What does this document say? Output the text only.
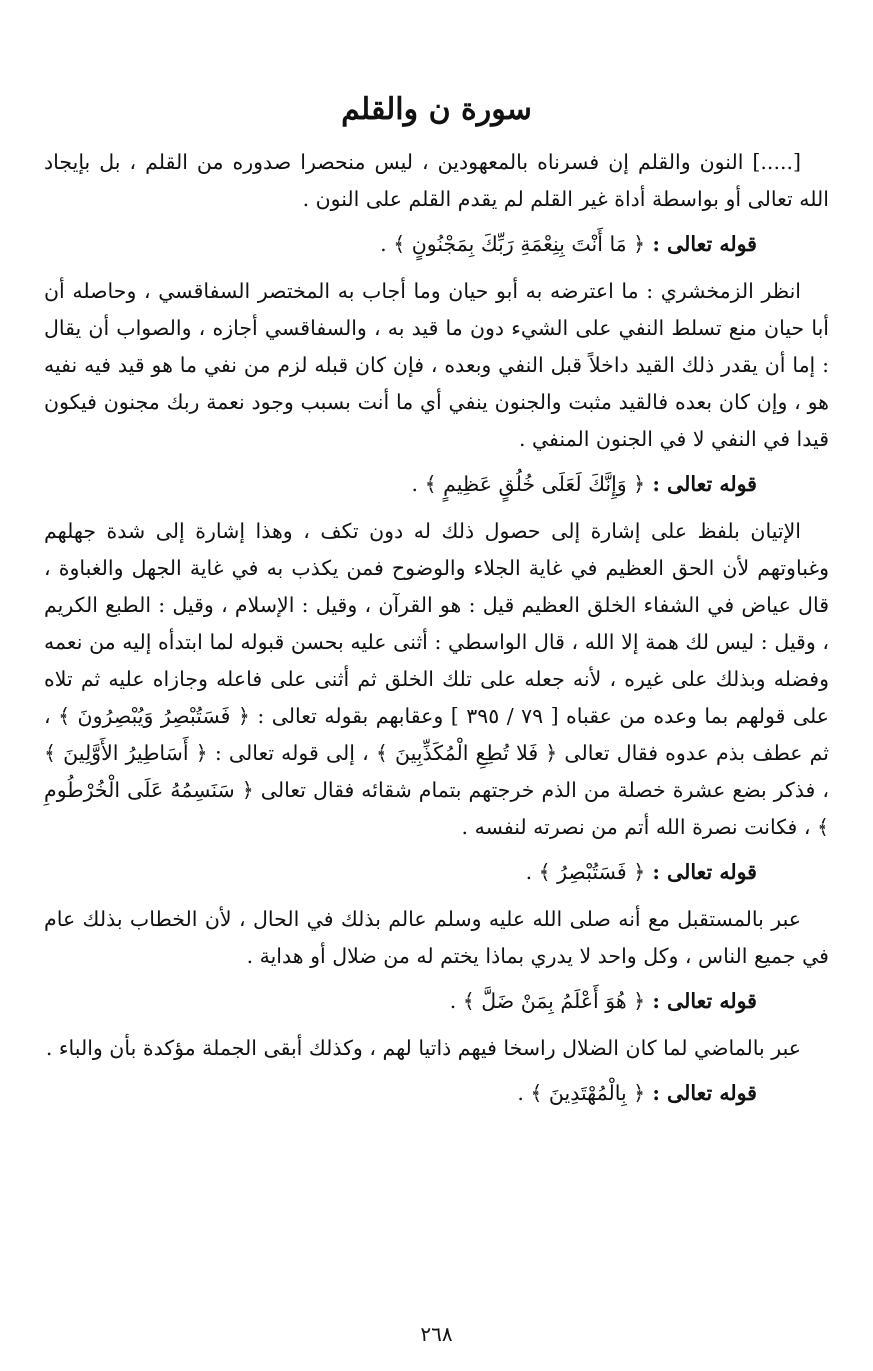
سورة ن والقلم
[.....] النون والقلم إن فسرناه بالمعهودين ، ليس منحصرا صدوره من القلم ، بل بإيجاد الله تعالى أو بواسطة أداة غير القلم لم يقدم القلم على النون .
قوله تعالى : ﴿ مَا أَنْتَ بِنِعْمَةِ رَبِّكَ بِمَجْنُونٍ ﴾ .
انظر الزمخشري : ما اعترضه به أبو حيان وما أجاب به المختصر السفاقسي ، وحاصله أن أبا حيان منع تسلط النفي على الشيء دون ما قيد به ، والسفاقسي أجازه ، والصواب أن يقال : إما أن يقدر ذلك القيد داخلاً قبل النفي وبعده ، فإن كان قبله لزم من نفي ما هو قيد فيه نفيه هو ، وإن كان بعده فالقيد مثبت والجنون ينفي أي ما أنت بسبب وجود نعمة ربك مجنون فيكون قيدا في النفي لا في الجنون المنفي .
قوله تعالى : ﴿ وَإِنَّكَ لَعَلَى خُلُقٍ عَظِيمٍ ﴾ .
الإتيان بلفظ على إشارة إلى حصول ذلك له دون تكف ، وهذا إشارة إلى شدة جهلهم وغباوتهم لأن الحق العظيم في غاية الجلاء والوضوح فمن يكذب به في غاية الجهل والغباوة ، قال عياض في الشفاء الخلق العظيم قيل : هو القرآن ، وقيل : الإسلام ، وقيل : الطبع الكريم ، وقيل : ليس لك همة إلا الله ، قال الواسطي : أثنى عليه بحسن قبوله لما ابتدأه إليه من نعمه وفضله وبذلك على غيره ، لأنه جعله على تلك الخلق ثم أثنى على فاعله وجازاه عليه ثم تلاه على قولهم بما وعده من عقباه [ ٧٩ / ٣٩٥ ] وعقابهم بقوله تعالى : ﴿ فَسَتُبْصِرُ وَيُبْصِرُونَ ﴾ ، ثم عطف بذم عدوه فقال تعالى ﴿ فَلا تُطِعِ الْمُكَذِّبِينَ ﴾ ، إلى قوله تعالى : ﴿ أَسَاطِيرُ الأَوَّلِينَ ﴾ ، فذكر بضع عشرة خصلة من الذم خرجتهم بتمام شقائه فقال تعالى ﴿ سَنَسِمُهُ عَلَى الْخُرْطُومِ ﴾ ، فكانت نصرة الله أتم من نصرته لنفسه .
قوله تعالى : ﴿ فَسَتُبْصِرُ ﴾ .
عبر بالمستقبل مع أنه صلى الله عليه وسلم عالم بذلك في الحال ، لأن الخطاب بذلك عام في جميع الناس ، وكل واحد لا يدري بماذا يختم له من ضلال أو هداية .
قوله تعالى : ﴿ هُوَ أَعْلَمُ بِمَنْ ضَلَّ ﴾ .
عبر بالماضي لما كان الضلال راسخا فيهم ذاتيا لهم ، وكذلك أبقى الجملة مؤكدة بأن والباء .
قوله تعالى : ﴿ بِالْمُهْتَدِينَ ﴾ .
٢٦٨
